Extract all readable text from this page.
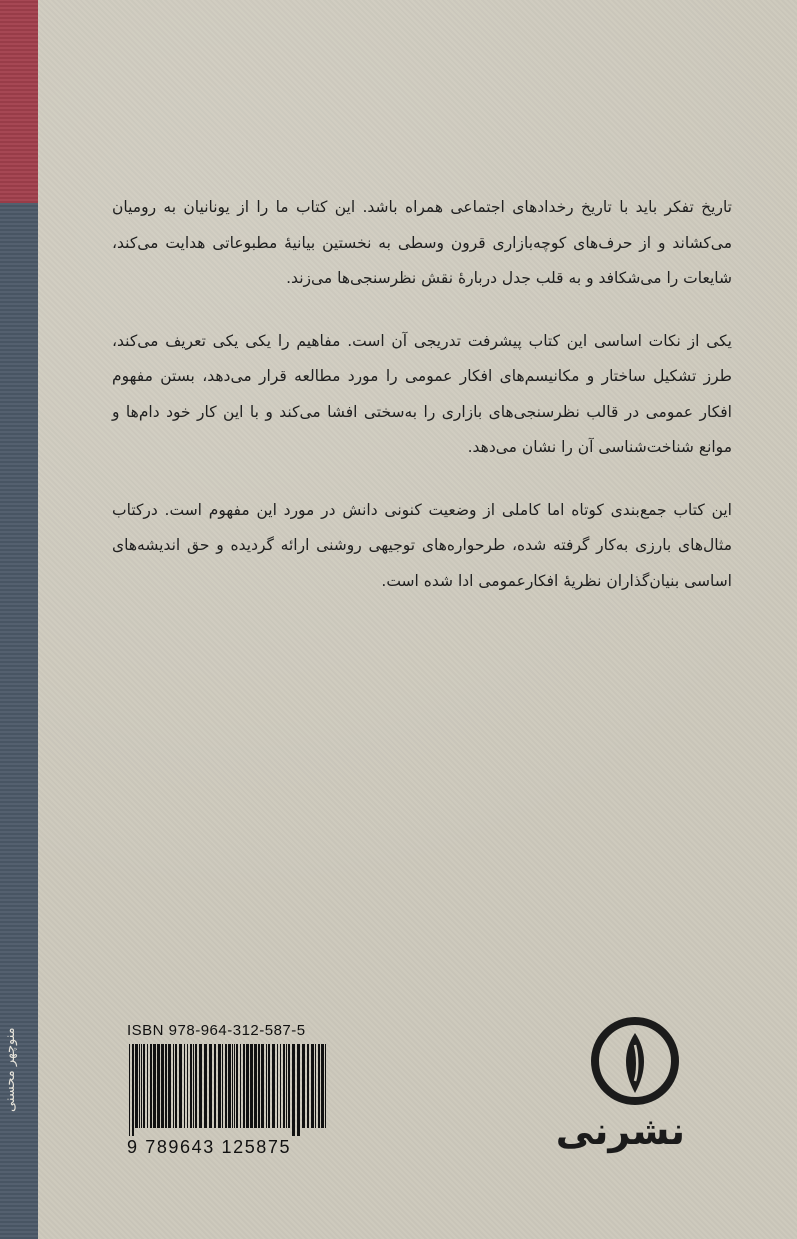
منوچهر محسنی

تاریخ تفکر باید با تاریخ رخدادهای اجتماعی همراه باشد. این کتاب ما را از یونانیان به رومیان می‌کشاند و از حرف‌های کوچه‌بازاری قرون وسطی به نخستین بیانیهٔ مطبوعاتی هدایت می‌کند، شایعات را می‌شکافد و به قلب جدل دربارهٔ نقش نظرسنجی‌ها می‌زند.

یکی از نکات اساسی این کتاب پیشرفت تدریجی آن است. مفاهیم را یکی یکی تعریف می‌کند، طرز تشکیل ساختار و مکانیسم‌های افکار عمومی را مورد مطالعه قرار می‌دهد، بستن مفهوم افکار عمومی در قالب نظرسنجی‌های بازاری را به‌سختی افشا می‌کند و با این کار خود دام‌ها و موانع شناخت‌شناسی آن را نشان می‌دهد.

این کتاب جمع‌بندی کوتاه اما کاملی از وضعیت کنونی دانش در مورد این مفهوم است. درکتاب مثال‌های بارزی به‌کار گرفته شده، طرحواره‌های توجیهی روشنی ارائه گردیده و حق اندیشه‌های اساسی بنیان‌گذاران نظریهٔ افکارعمومی ادا شده است.

ISBN 978-964-312-587-5
9 789643 125875	نشرنی
